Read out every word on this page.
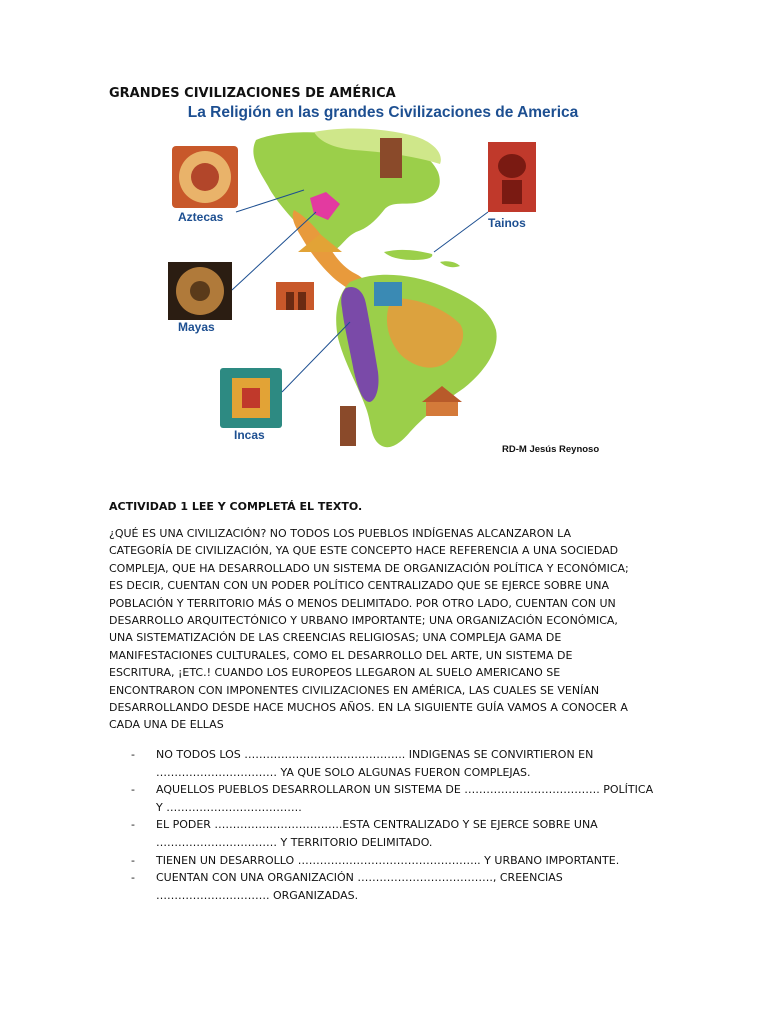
GRANDES CIVILIZACIONES DE AMÉRICA
La Religión en las grandes Civilizaciones de America
Aztecas
Mayas
Incas
Tainos
RD-M Jesús Reynoso
ACTIVIDAD 1 LEE Y COMPLETÁ EL TEXTO.

¿QUÉ ES UNA CIVILIZACIÓN? NO TODOS LOS PUEBLOS INDÍGENAS ALCANZARON LA

CATEGORÍA DE CIVILIZACIÓN, YA QUE ESTE CONCEPTO HACE REFERENCIA A UNA SOCIEDAD

COMPLEJA, QUE HA DESARROLLADO UN SISTEMA DE ORGANIZACIÓN POLÍTICA Y ECONÓMICA;

ES DECIR, CUENTAN CON UN PODER POLÍTICO CENTRALIZADO QUE SE EJERCE SOBRE UNA

POBLACIÓN Y TERRITORIO MÁS O MENOS DELIMITADO. POR OTRO LADO, CUENTAN CON UN

DESARROLLO ARQUITECTÓNICO Y URBANO IMPORTANTE; UNA ORGANIZACIÓN ECONÓMICA,

UNA SISTEMATIZACIÓN DE LAS CREENCIAS RELIGIOSAS; UNA COMPLEJA GAMA DE

MANIFESTACIONES CULTURALES, COMO EL DESARROLLO DEL ARTE, UN SISTEMA DE

ESCRITURA, ¡ETC.! CUANDO LOS EUROPEOS LLEGARON AL SUELO AMERICANO SE

ENCONTRARON CON IMPONENTES CIVILIZACIONES EN AMÉRICA, LAS CUALES SE VENÍAN

DESARROLLANDO DESDE HACE MUCHOS AÑOS. EN LA SIGUIENTE GUÍA VAMOS A CONOCER A

CADA UNA DE ELLAS

- NO TODOS LOS …………………………………….. INDIGENAS SE CONVIRTIERON EN
…………………………… YA QUE SOLO ALGUNAS FUERON COMPLEJAS.
- AQUELLOS PUEBLOS DESARROLLARON UN SISTEMA DE ………………………………. POLÍTICA
Y ……………………………….
- EL PODER ……………………………..ESTA CENTRALIZADO Y SE EJERCE SOBRE UNA
…………………………… Y TERRITORIO DELIMITADO.
- TIENEN UN DESARROLLO ………………………………………….. Y URBANO IMPORTANTE.
- CUENTAN CON UNA ORGANIZACIÓN ………………………………., CREENCIAS
…………………………. ORGANIZADAS.
